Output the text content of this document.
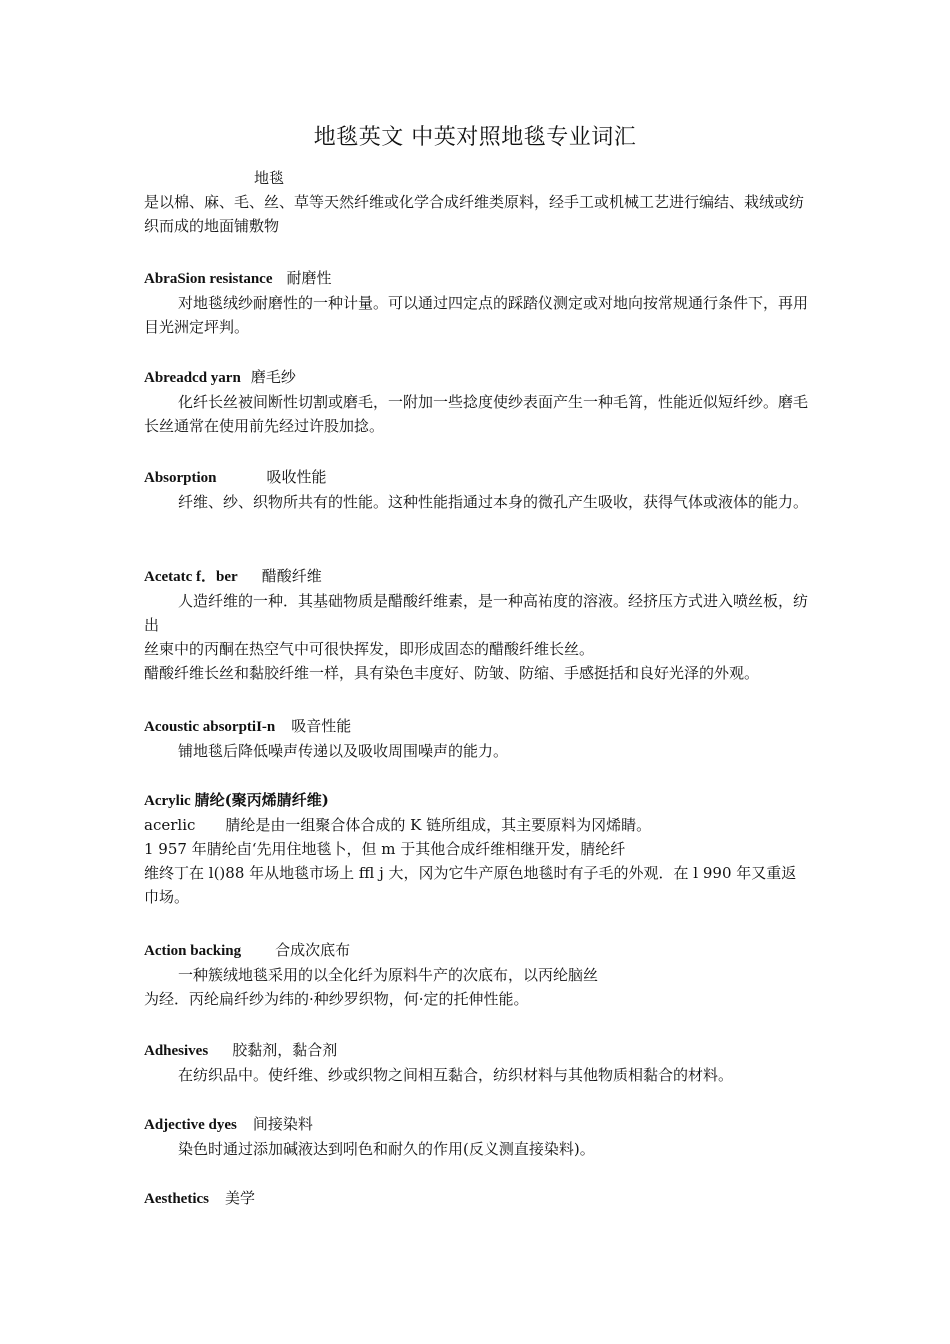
地毯英文 中英对照地毯专业词汇

地毯

是以棉、麻、毛、丝、草等天然纤维或化学合成纤维类原料，经手工或机械工艺进行编结、栽绒或纺织而成的地面铺敷物

AbraSion resistance 耐磨性

对地毯绒纱耐磨性的一种计量。可以通过四定点的踩踏仪测定或对地向按常规通行条件下，再用目光洲定坪判。

Abreadcd yarn 磨毛纱

化纤长丝被间断性切割或磨毛，一附加一些捻度使纱表面产生一种毛筲，性能近似短纤纱。磨毛长丝通常在使用前先经过许股加捻。

Absorption	吸收性能

纤维、纱、织物所共有的性能。这种性能指通过本身的微孔产生吸收，获得气体或液体的能力。

Acetatc f．ber 醋酸纤维

人造纤维的一种．其基础物质是醋酸纤维素，是一种高祐度的溶液。经挤压方式进入喷丝板，纺出

丝柬中的丙酮在热空气中可很快挥发，即形成固态的醋酸纤维长丝。

醋酸纤维长丝和黏胶纤维一样，具有染色丰度好、防皱、防缩、手感挺括和良好光泽的外观。

Acoustic absorptiI-n 吸音性能

铺地毯后降低噪声传递以及吸收周围噪声的能力。

Acrylic 腈纶(聚丙烯腈纤维)

acerlic　　腈纶是由一组聚合体合成的 K 链所组成，其主要原料为冈烯睛。

1 957 年腈纶卣‘先用住地毯卜，但 m 于其他合成纤维相继开发，腈纶纤

维终丁在 l()88 年从地毯市场上 ffl j 大，冈为它牛产原色地毯时有子毛的外观．在 l 990 年又重返巾场。

Action backing 合成次底布

一种簇绒地毯采用的以全化纤为原料牛产的次底布，以丙纶脑丝

为经．丙纶扁纤纱为纬的·种纱罗织物，何·定的托伸性能。

Adhesives 胶黏剂，黏合剂

在纺织品中。使纤维、纱或织物之间相互黏合，纺织材料与其他物质相黏合的材料。

Adjective dyes 间接染料

染色时通过添加碱液达到吲色和耐久的作用(反义测直接染料)。

Aesthetics 美学
